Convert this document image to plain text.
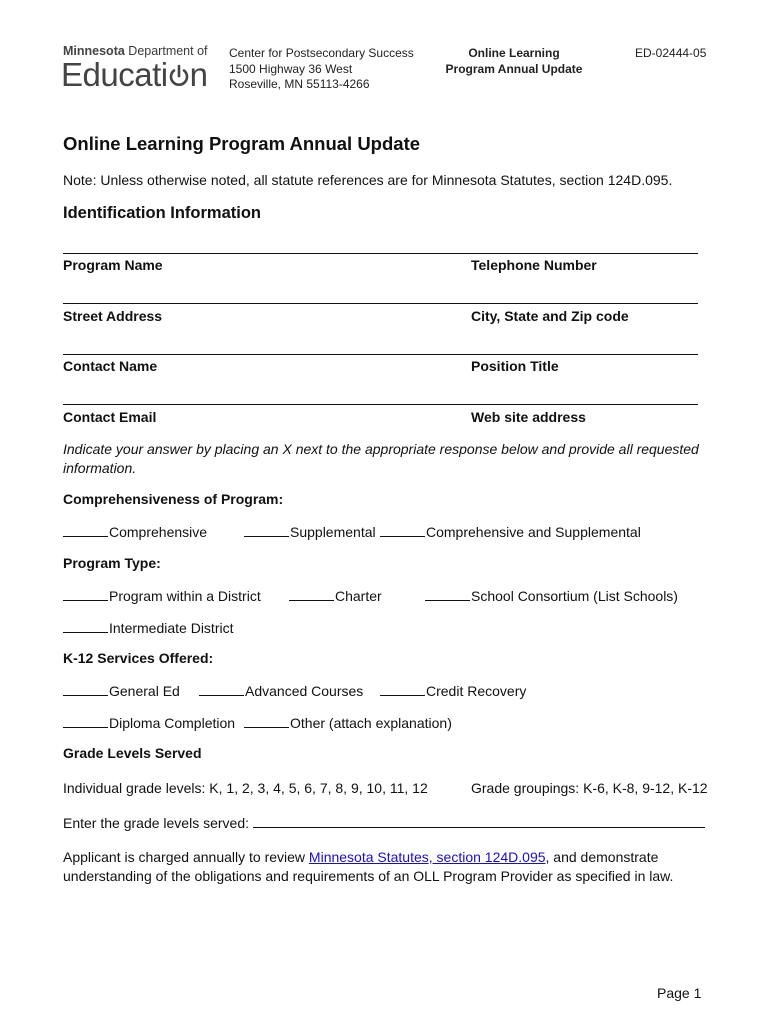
Minnesota Department of
Educati n
Center for Postsecondary Success
1500 Highway 36 West
Roseville, MN 55113-4266
Online Learning
Program Annual Update
ED-02444-05
Online Learning Program Annual Update
Note: Unless otherwise noted, all statute references are for Minnesota Statutes, section 124D.095.
Identification Information
Program Name	Telephone Number
Street Address	City, State and Zip code
Contact Name	Position Title
Contact Email	Web site address
Indicate your answer by placing an X next to the appropriate response below and provide all requested information.
Comprehensiveness of Program:
Comprehensive	Supplemental	Comprehensive and Supplemental
Program Type:
Program within a District	Charter	School Consortium (List Schools)
Intermediate District
K-12 Services Offered:
General Ed	Advanced Courses	Credit Recovery
Diploma Completion	Other (attach explanation)
Grade Levels Served
Individual grade levels: K, 1, 2, 3, 4, 5, 6, 7, 8, 9, 10, 11, 12	Grade groupings: K-6, K-8, 9-12, K-12
Enter the grade levels served:
Applicant is charged annually to review Minnesota Statutes, section 124D.095, and demonstrate
understanding of the obligations and requirements of an OLL Program Provider as specified in law.
Page 1
